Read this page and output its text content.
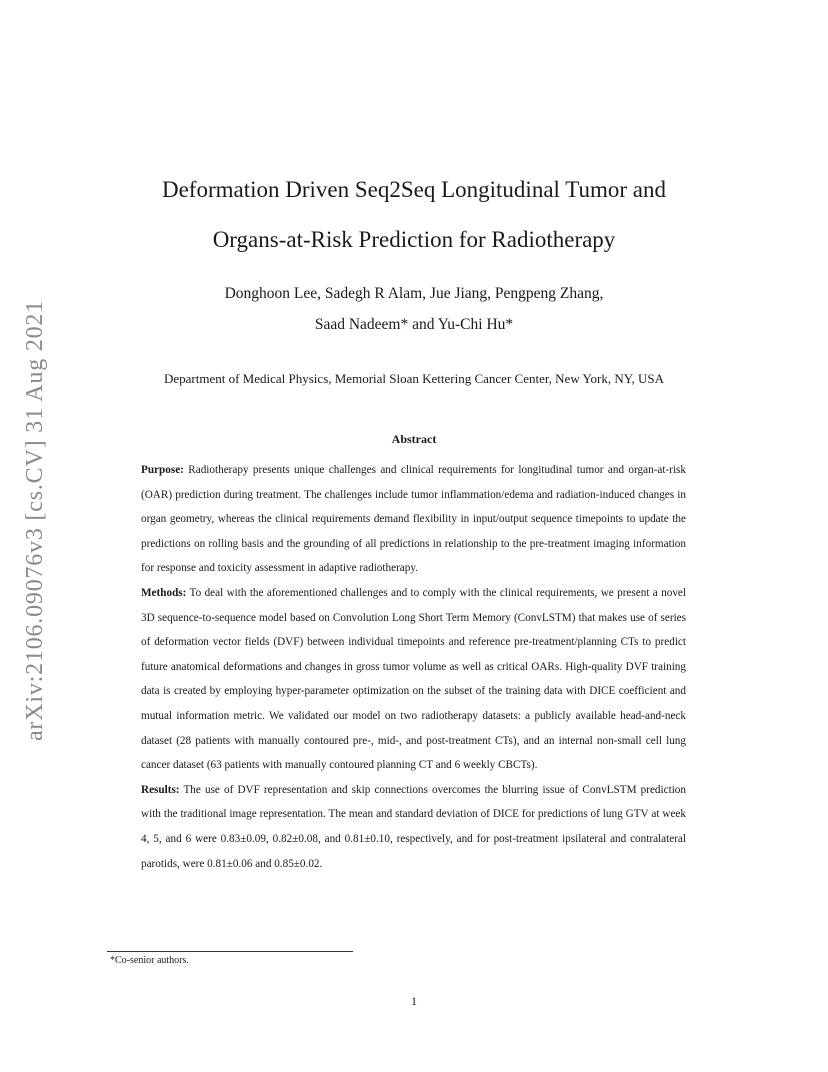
arXiv:2106.09076v3 [cs.CV] 31 Aug 2021
Deformation Driven Seq2Seq Longitudinal Tumor and
Organs-at-Risk Prediction for Radiotherapy
Donghoon Lee, Sadegh R Alam, Jue Jiang, Pengpeng Zhang,
Saad Nadeem* and Yu-Chi Hu*
Department of Medical Physics, Memorial Sloan Kettering Cancer Center, New York, NY, USA
Abstract

Purpose: Radiotherapy presents unique challenges and clinical requirements for longitudinal tumor and organ-at-risk (OAR) prediction during treatment. The challenges include tumor inflammation/edema and radiation-induced changes in organ geometry, whereas the clinical requirements demand flexibility in input/output sequence timepoints to update the predictions on rolling basis and the grounding of all predictions in relationship to the pre-treatment imaging information for response and toxicity assessment in adaptive radiotherapy.

Methods: To deal with the aforementioned challenges and to comply with the clinical requirements, we present a novel 3D sequence-to-sequence model based on Convolution Long Short Term Memory (ConvLSTM) that makes use of series of deformation vector fields (DVF) between individual timepoints and reference pre-treatment/planning CTs to predict future anatomical deformations and changes in gross tumor volume as well as critical OARs. High-quality DVF training data is created by employing hyper-parameter optimization on the subset of the training data with DICE coefficient and mutual information metric. We validated our model on two radiotherapy datasets: a publicly available head-and-neck dataset (28 patients with manually contoured pre-, mid-, and post-treatment CTs), and an internal non-small cell lung cancer dataset (63 patients with manually contoured planning CT and 6 weekly CBCTs).

Results: The use of DVF representation and skip connections overcomes the blurring issue of ConvLSTM prediction with the traditional image representation. The mean and standard deviation of DICE for predictions of lung GTV at week 4, 5, and 6 were 0.83±0.09, 0.82±0.08, and 0.81±0.10, respectively, and for post-treatment ipsilateral and contralateral parotids, were 0.81±0.06 and 0.85±0.02.

*Co-senior authors.
1
